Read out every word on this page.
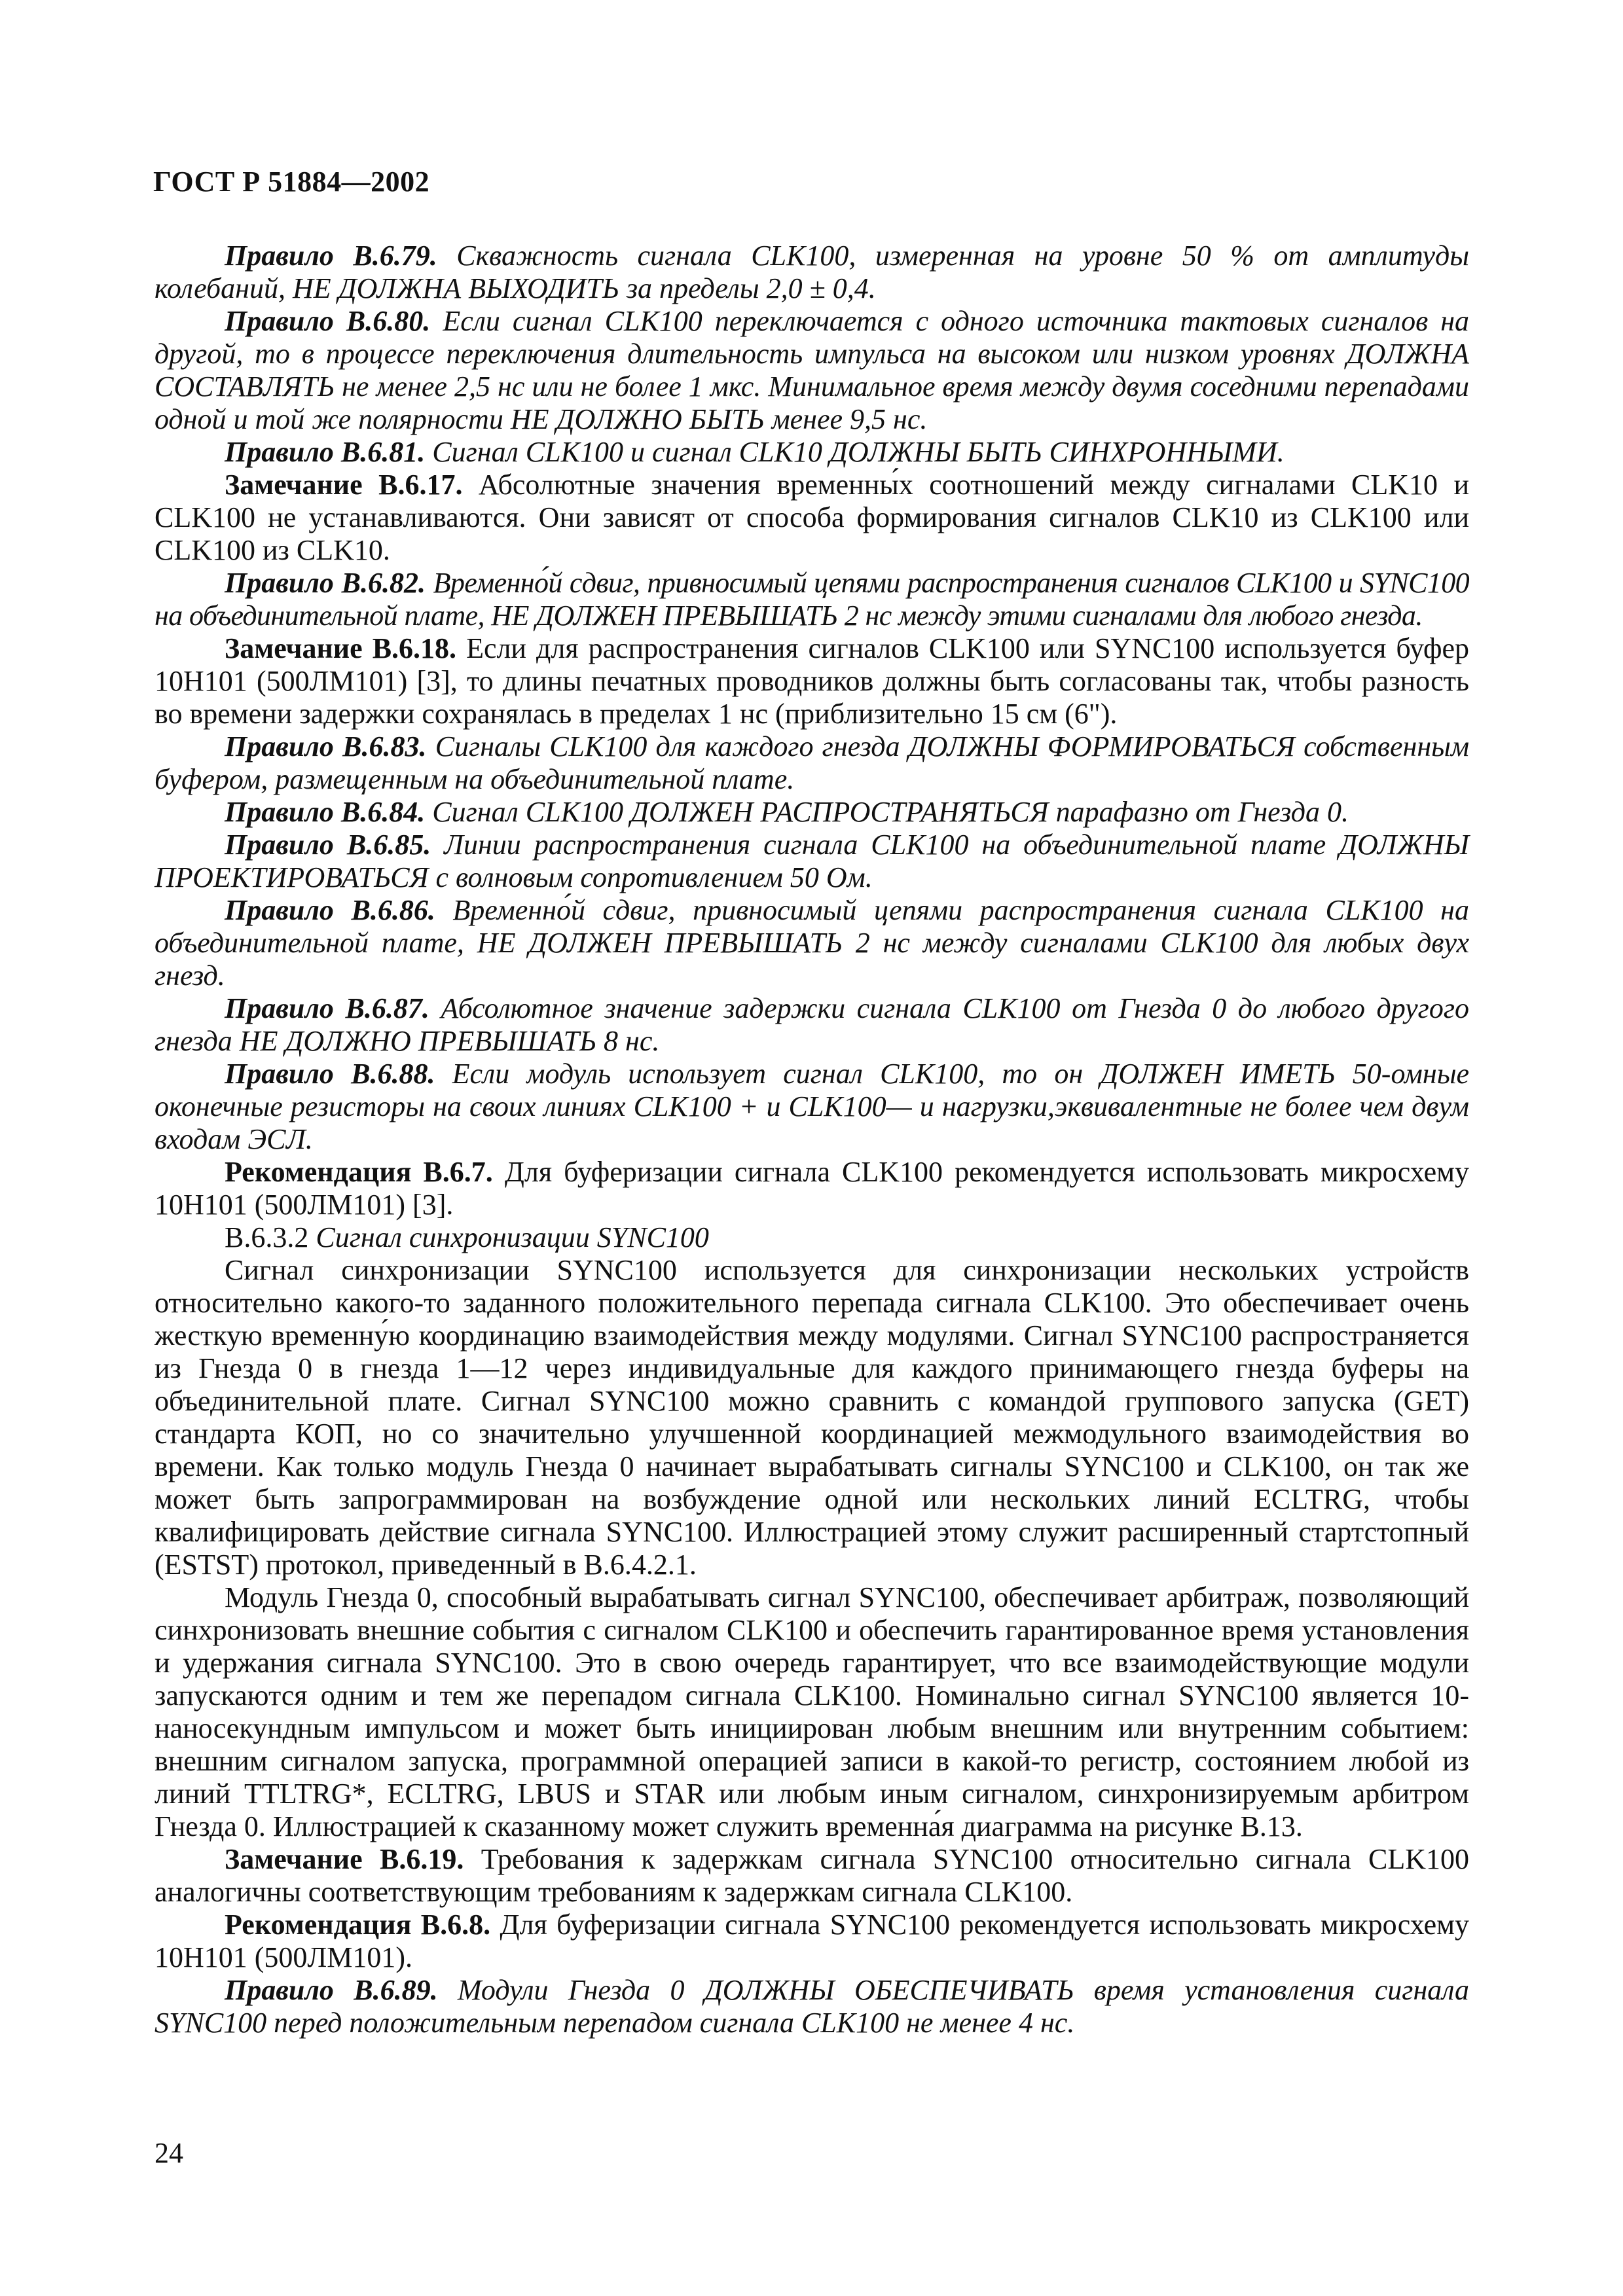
ГОСТ Р 51884—2002

Правило В.6.79. Скважность сигнала CLK100, измеренная на уровне 50 % от амплитуды колебаний, НЕ ДОЛЖНА ВЫХОДИТЬ за пределы 2,0 ± 0,4.

Правило В.6.80. Если сигнал CLK100 переключается с одного источника тактовых сигналов на другой, то в процессе переключения длительность импульса на высоком или низком уровнях ДОЛЖНА СОСТАВЛЯТЬ не менее 2,5 нс или не более 1 мкс. Минимальное время между двумя соседними перепадами одной и той же полярности НЕ ДОЛЖНО БЫТЬ менее 9,5 нс.

Правило В.6.81. Сигнал CLK100 и сигнал CLK10 ДОЛЖНЫ БЫТЬ СИНХРОННЫМИ.

Замечание В.6.17. Абсолютные значения временны́х соотношений между сигналами CLK10 и CLK100 не устанавливаются. Они зависят от способа формирования сигналов CLK10 из CLK100 или CLK100 из CLK10.

Правило В.6.82. Временно́й сдвиг, привносимый цепями распространения сигналов CLK100 и SYNC100 на объединительной плате, НЕ ДОЛЖЕН ПРЕВЫШАТЬ 2 нс между этими сигналами для любого гнезда.

Замечание В.6.18. Если для распространения сигналов CLK100 или SYNC100 используется буфер 10Н101 (500ЛМ101) [3], то длины печатных проводников должны быть согласованы так, чтобы разность во времени задержки сохранялась в пределах 1 нс (приблизительно 15 см (6").

Правило В.6.83. Сигналы CLK100 для каждого гнезда ДОЛЖНЫ ФОРМИРОВАТЬСЯ собственным буфером, размещенным на объединительной плате.

Правило В.6.84. Сигнал CLK100 ДОЛЖЕН РАСПРОСТРАНЯТЬСЯ парафазно от Гнезда 0.

Правило В.6.85. Линии распространения сигнала CLK100 на объединительной плате ДОЛЖНЫ ПРОЕКТИРОВАТЬСЯ с волновым сопротивлением 50 Ом.

Правило В.6.86. Временно́й сдвиг, привносимый цепями распространения сигнала CLK100 на объединительной плате, НЕ ДОЛЖЕН ПРЕВЫШАТЬ 2 нс между сигналами CLK100 для любых двух гнезд.

Правило В.6.87. Абсолютное значение задержки сигнала CLK100 от Гнезда 0 до любого другого гнезда НЕ ДОЛЖНО ПРЕВЫШАТЬ 8 нс.

Правило В.6.88. Если модуль использует сигнал CLK100, то он ДОЛЖЕН ИМЕТЬ 50-омные оконечные резисторы на своих линиях CLK100 + и CLK100— и нагрузки,эквивалентные не более чем двум входам ЭСЛ.

Рекомендация В.6.7. Для буферизации сигнала CLK100 рекомендуется использовать микросхему 10Н101 (500ЛМ101) [3].

В.6.3.2 Сигнал синхронизации SYNC100

Сигнал синхронизации SYNC100 используется для синхронизации нескольких устройств относительно какого-то заданного положительного перепада сигнала CLK100. Это обеспечивает очень жесткую временну́ю координацию взаимодействия между модулями. Сигнал SYNC100 распространяется из Гнезда 0 в гнезда 1—12 через индивидуальные для каждого принимающего гнезда буферы на объединительной плате. Сигнал SYNC100 можно сравнить с командой группового запуска (GET) стандарта КОП, но со значительно улучшенной координацией межмодульного взаимодействия во времени. Как только модуль Гнезда 0 начинает вырабатывать сигналы SYNC100 и CLK100, он так же может быть запрограммирован на возбуждение одной или нескольких линий ECLTRG, чтобы квалифицировать действие сигнала SYNC100. Иллюстрацией этому служит расширенный стартстопный (ESTST) протокол, приведенный в В.6.4.2.1.

Модуль Гнезда 0, способный вырабатывать сигнал SYNC100, обеспечивает арбитраж, позволяющий синхронизовать внешние события с сигналом CLK100 и обеспечить гарантированное время установления и удержания сигнала SYNC100. Это в свою очередь гарантирует, что все взаимодействующие модули запускаются одним и тем же перепадом сигнала CLK100. Номинально сигнал SYNC100 является 10-наносекундным импульсом и может быть инициирован любым внешним или внутренним событием: внешним сигналом запуска, программной операцией записи в какой-то регистр, состоянием любой из линий TTLTRG*, ECLTRG, LBUS и STAR или любым иным сигналом, синхронизируемым арбитром Гнезда 0. Иллюстрацией к сказанному может служить временна́я диаграмма на рисунке В.13.

Замечание В.6.19. Требования к задержкам сигнала SYNC100 относительно сигнала CLK100 аналогичны соответствующим требованиям к задержкам сигнала CLK100.

Рекомендация В.6.8. Для буферизации сигнала SYNC100 рекомендуется использовать микросхему 10Н101 (500ЛМ101).

Правило В.6.89. Модули Гнезда 0 ДОЛЖНЫ ОБЕСПЕЧИВАТЬ время установления сигнала SYNC100 перед положительным перепадом сигнала CLK100 не менее 4 нс.

24
